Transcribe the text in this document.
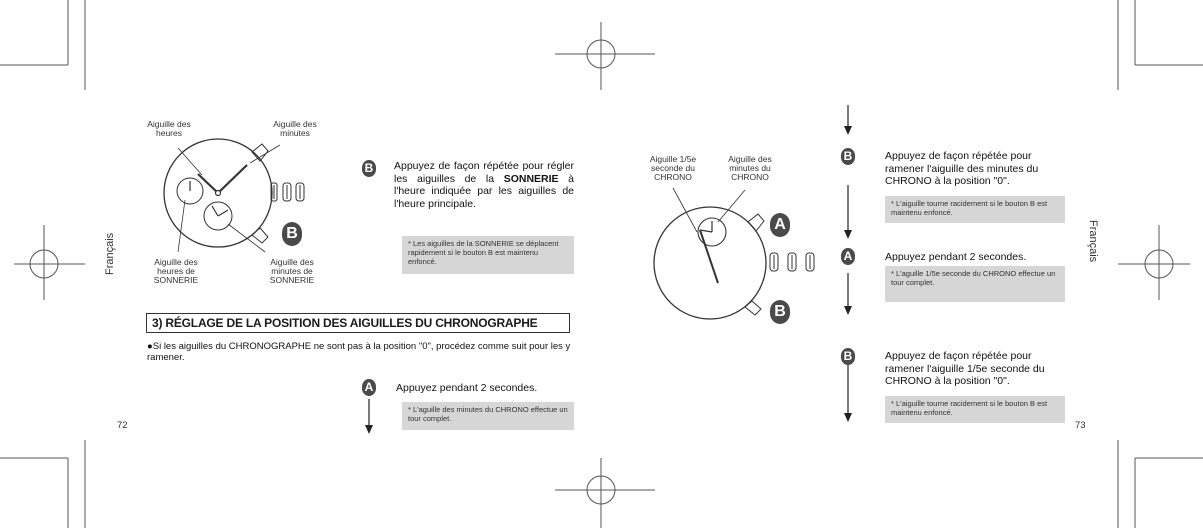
Aiguille des
heures
Aiguille des
minutes
Aiguille des
heures de
SONNERIE
Aiguille des
minutes de
SONNERIE
B
B Appuyez de façon répétée pour régler les aiguilles de la SONNERIE à l'heure indiquée par les aiguilles de l'heure principale.
* Les aiguilles de la SONNERIE se déplacent rapidement si le bouton B est maintenu enfoncé.
Français
3) RÉGLAGE DE LA POSITION DES AIGUILLES DU CHRONOGRAPHE
●Si les aiguilles du CHRONOGRAPHE ne sont pas à la position "0", procédez comme suit pour les y ramener.
A Appuyez pendant 2 secondes.
* L'aguille des minutes du CHRONO effectue un tour complet.
72
Aiguille 1/5e
seconde du
CHRONO
Aiguille des
minutes du
CHRONO
A
B
B	Appuyez de façon répétée pour ramener l'aiguille des minutes du CHRONO à la position "0".
* L'aiguille tourne racidement si le bouton B est maintenu enfoncé.
A	Appuyez pendant 2 secondes.
* L'aguille 1/5e seconde du CHRONO effectue un tour complet.
B	Appuyez de façon répétée pour ramener l'aiguille 1/5e seconde du CHRONO à la position "0".
* L'aiguille tourne racidement si le bouton B est maintenu enfoncé.
Français
73
